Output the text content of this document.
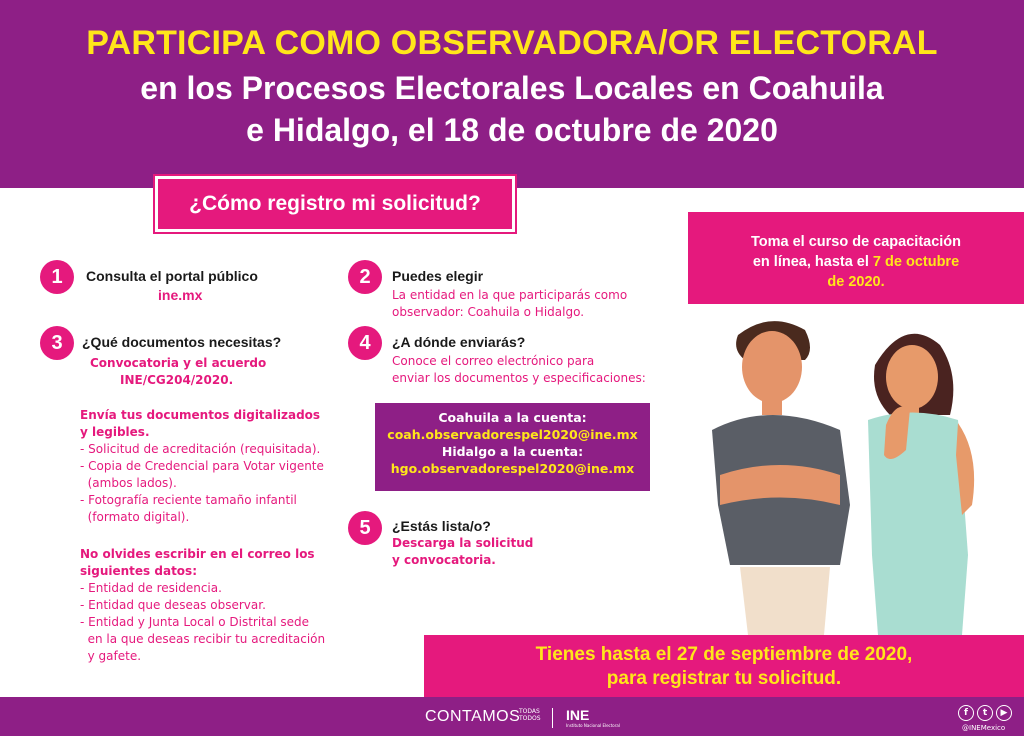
PARTICIPA COMO OBSERVADORA/OR ELECTORAL
en los Procesos Electorales Locales en Coahuila
e Hidalgo, el 18 de octubre de 2020
¿Cómo registro mi solicitud?
1	Consulta el portal público
ine.mx
2	Puedes elegir
La entidad en la que participarás como
observador: Coahuila o Hidalgo.
3	¿Qué documentos necesitas?
Convocatoria y el acuerdo
INE/CG204/2020.
Envía tus documentos digitalizados
y legibles.
- Solicitud de acreditación (requisitada).
- Copia de Credencial para Votar vigente
(ambos lados).
- Fotografía reciente tamaño infantil
(formato digital).
No olvides escribir en el correo los
siguientes datos:
- Entidad de residencia.
- Entidad que deseas observar.
- Entidad y Junta Local o Distrital sede
en la que deseas recibir tu acreditación
y gafete.
4	¿A dónde enviarás?
Conoce el correo electrónico para
enviar los documentos y especificaciones:
Coahuila a la cuenta:
coah.observadorespel2020@ine.mx
Hidalgo a la cuenta:
hgo.observadorespel2020@ine.mx
5	¿Estás lista/o?
Descarga la solicitud
y convocatoria.
Toma el curso de capacitación
en línea, hasta el 7 de octubre
de 2020.
Tienes hasta el 27 de septiembre de 2020,
para registrar tu solicitud.
CONTAMOS
TODAS
TODOS INE
Instituto Nacional Electoral
f	t	▶
@INEMexico
